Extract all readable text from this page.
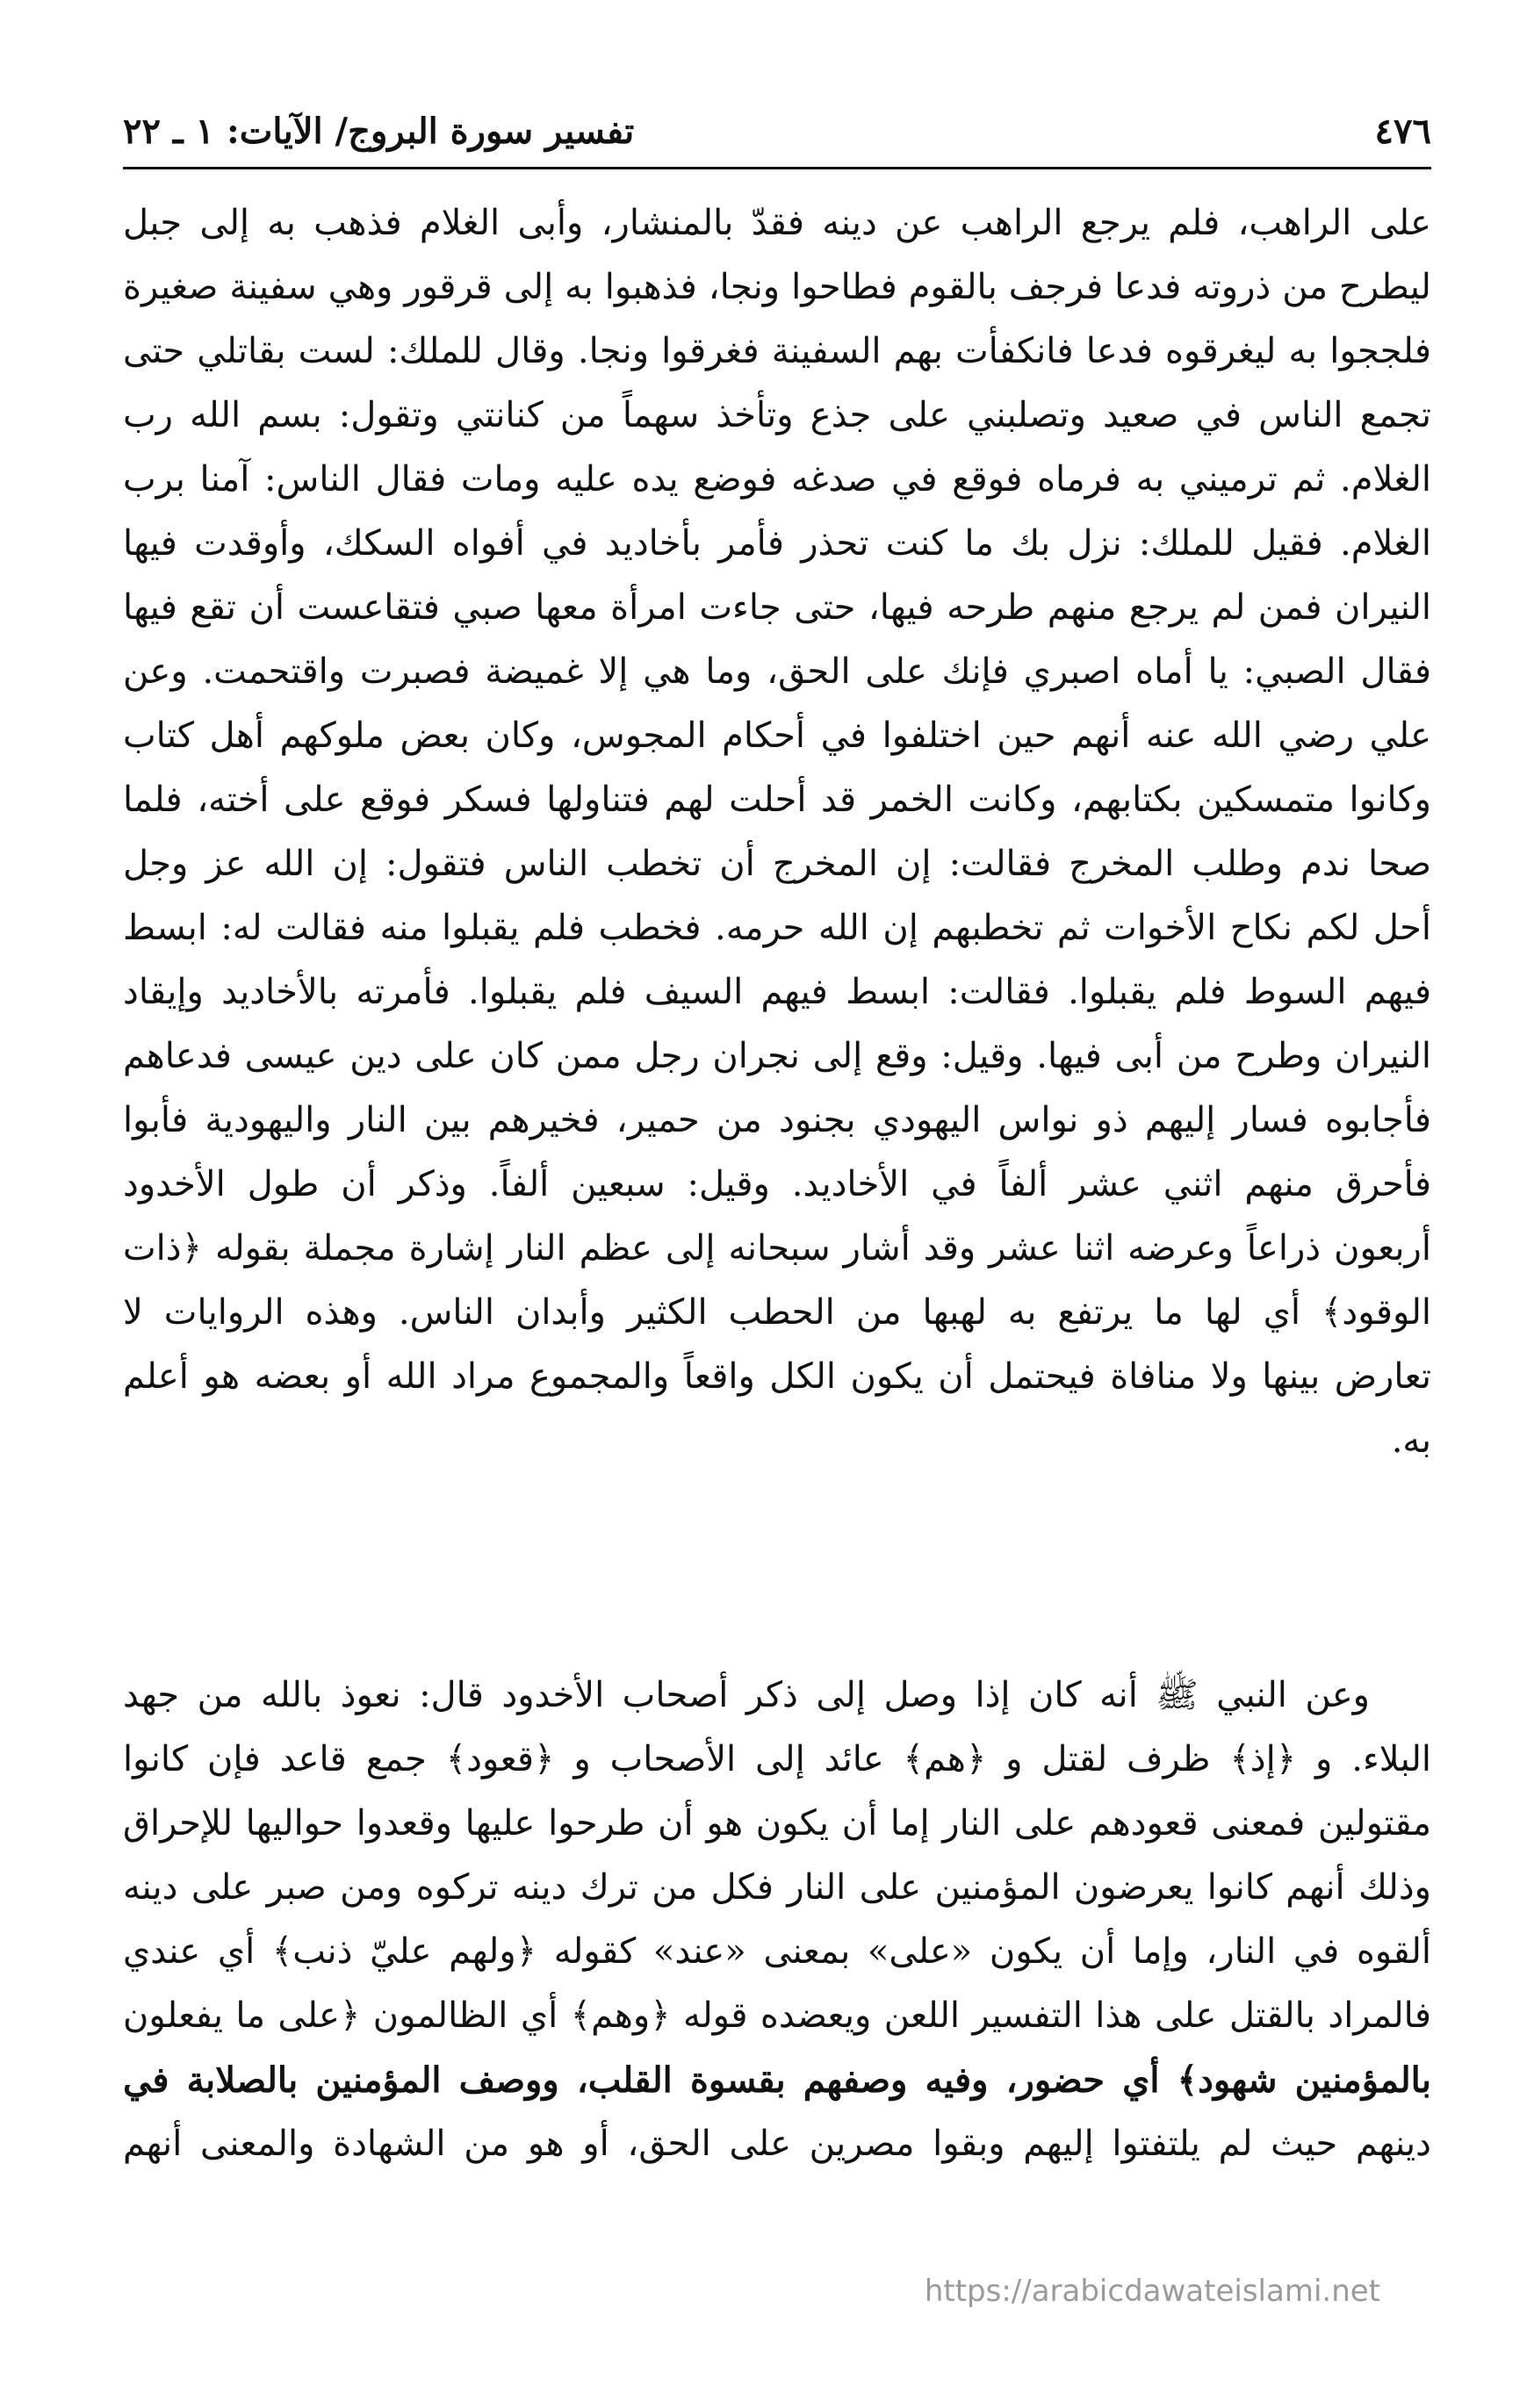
٤٧٦
تفسير سورة البروج/ الآيات: ١ ـ ٢٢
على الراهب، فلم يرجع الراهب عن دينه فقدّ بالمنشار، وأبى الغلام فذهب به إلى جبل
ليطرح من ذروته فدعا فرجف بالقوم فطاحوا ونجا، فذهبوا به إلى قرقور وهي سفينة صغيرة
فلججوا به ليغرقوه فدعا فانكفأت بهم السفينة فغرقوا ونجا. وقال للملك: لست بقاتلي حتى
تجمع الناس في صعيد وتصلبني على جذع وتأخذ سهماً من كنانتي وتقول: بسم الله رب
الغلام. ثم ترميني به فرماه فوقع في صدغه فوضع يده عليه ومات فقال الناس: آمنا برب
الغلام. فقيل للملك: نزل بك ما كنت تحذر فأمر بأخاديد في أفواه السكك، وأوقدت فيها
النيران فمن لم يرجع منهم طرحه فيها، حتى جاءت امرأة معها صبي فتقاعست أن تقع فيها
فقال الصبي: يا أماه اصبري فإنك على الحق، وما هي إلا غميضة فصبرت واقتحمت. وعن
علي رضي الله عنه أنهم حين اختلفوا في أحكام المجوس، وكان بعض ملوكهم أهل كتاب
وكانوا متمسكين بكتابهم، وكانت الخمر قد أحلت لهم فتناولها فسكر فوقع على أخته، فلما
صحا ندم وطلب المخرج فقالت: إن المخرج أن تخطب الناس فتقول: إن الله عز وجل
أحل لكم نكاح الأخوات ثم تخطبهم إن الله حرمه. فخطب فلم يقبلوا منه فقالت له: ابسط
فيهم السوط فلم يقبلوا. فقالت: ابسط فيهم السيف فلم يقبلوا. فأمرته بالأخاديد وإيقاد
النيران وطرح من أبى فيها. وقيل: وقع إلى نجران رجل ممن كان على دين عيسى فدعاهم
فأجابوه فسار إليهم ذو نواس اليهودي بجنود من حمير، فخيرهم بين النار واليهودية فأبوا
فأحرق منهم اثني عشر ألفاً في الأخاديد. وقيل: سبعين ألفاً. وذكر أن طول الأخدود
أربعون ذراعاً وعرضه اثنا عشر وقد أشار سبحانه إلى عظم النار إشارة مجملة بقوله ﴿ذات
الوقود﴾ أي لها ما يرتفع به لهبها من الحطب الكثير وأبدان الناس. وهذه الروايات لا
تعارض بينها ولا منافاة فيحتمل أن يكون الكل واقعاً والمجموع مراد الله أو بعضه هو أعلم
به.
وعن النبي ﷺ أنه كان إذا وصل إلى ذكر أصحاب الأخدود قال: نعوذ بالله من جهد
البلاء. و ﴿إذ﴾ ظرف لقتل و ﴿هم﴾ عائد إلى الأصحاب و ﴿قعود﴾ جمع قاعد فإن كانوا
مقتولين فمعنى قعودهم على النار إما أن يكون هو أن طرحوا عليها وقعدوا حواليها للإحراق
وذلك أنهم كانوا يعرضون المؤمنين على النار فكل من ترك دينه تركوه ومن صبر على دينه
ألقوه في النار، وإما أن يكون «على» بمعنى «عند» كقوله ﴿ولهم عليّ ذنب﴾ أي عندي
فالمراد بالقتل على هذا التفسير اللعن ويعضده قوله ﴿وهم﴾ أي الظالمون ﴿على ما يفعلون
بالمؤمنين شهود﴾ أي حضور، وفيه وصفهم بقسوة القلب، ووصف المؤمنين بالصلابة في
دينهم حيث لم يلتفتوا إليهم وبقوا مصرين على الحق، أو هو من الشهادة والمعنى أنهم
https://arabicdawateislami.net
